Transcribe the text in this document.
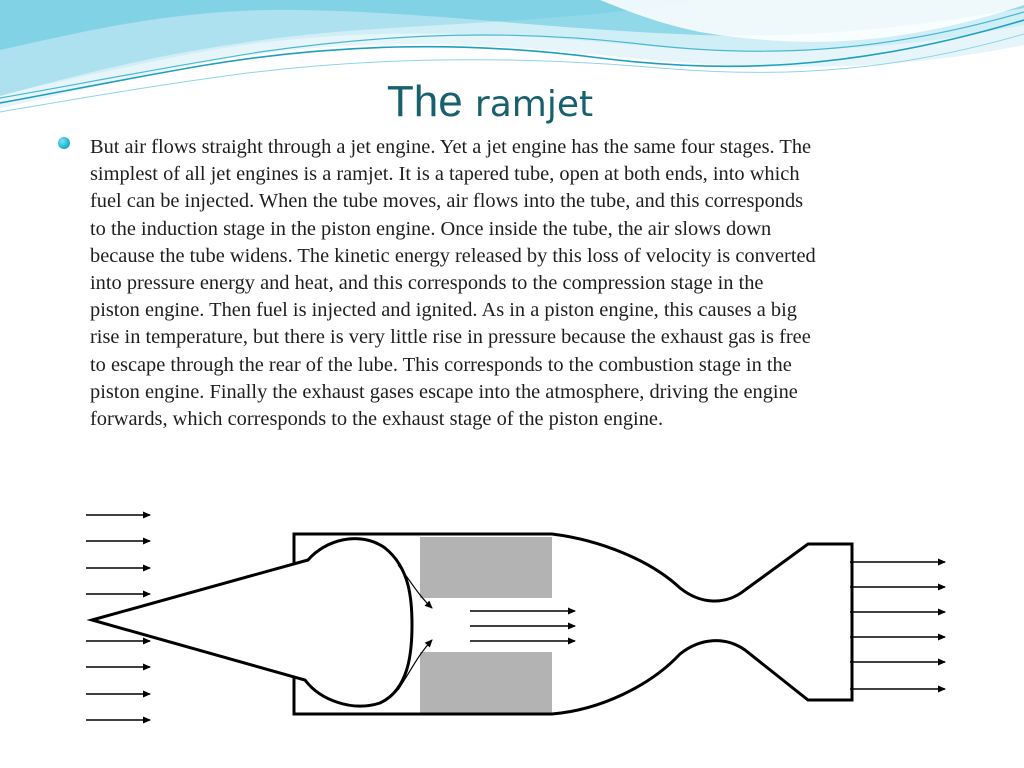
The ramjet

But air flows straight through a jet engine. Yet a jet engine has the same four stages. The
simplest of all jet engines is a ramjet. It is a tapered tube, open at both ends, into which
fuel can be injected. When the tube moves, air flows into the tube, and this corresponds
to the induction stage in the piston engine. Once inside the tube, the air slows down
because the tube widens. The kinetic energy released by this loss of velocity is converted
into pressure energy and heat, and this corresponds to the compression stage in the
piston engine. Then fuel is injected and ignited. As in a piston engine, this causes a big
rise in temperature, but there is very little rise in pressure because the exhaust gas is free
to escape through the rear of the lube. This corresponds to the combustion stage in the
piston engine. Finally the exhaust gases escape into the atmosphere, driving the engine
forwards, which corresponds to the exhaust stage of the piston engine.
